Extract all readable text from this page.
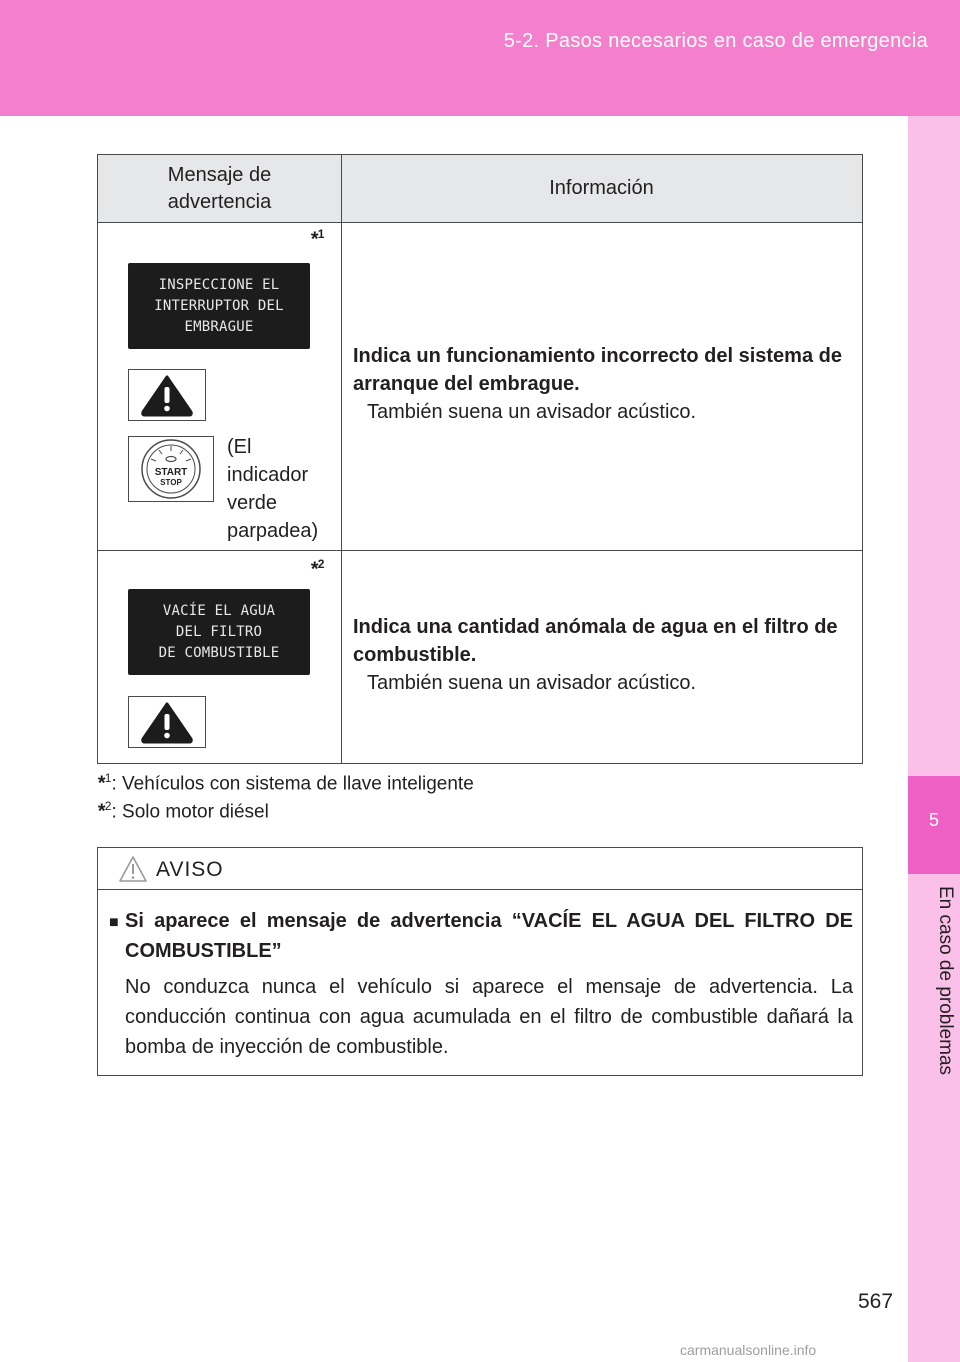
5-2. Pasos necesarios en caso de emergencia
5
En caso de problemas
Mensaje de
advertencia
Información
*$^1$
INSPECCIONE EL
INTERRUPTOR DEL
EMBRAGUE
START
STOP
(El
indicador
verde
parpadea)
Indica un funcionamiento incorrecto del sistema de arranque del embrague.
También suena un avisador acústico.
*$^2$
VACÍE EL AGUA
DEL FILTRO
DE COMBUSTIBLE
Indica una cantidad anómala de agua en el filtro de combustible.
También suena un avisador acústico.
*$^1$: Vehículos con sistema de llave inteligente
*$^2$: Solo motor diésel
AVISO
■ Si aparece el mensaje de advertencia “VACÍE EL AGUA DEL FILTRO DE COMBUSTIBLE”
No conduzca nunca el vehículo si aparece el mensaje de advertencia. La conducción continua con agua acumulada en el filtro de combustible dañará la bomba de inyección de combustible.
567
carmanualsonline.info
